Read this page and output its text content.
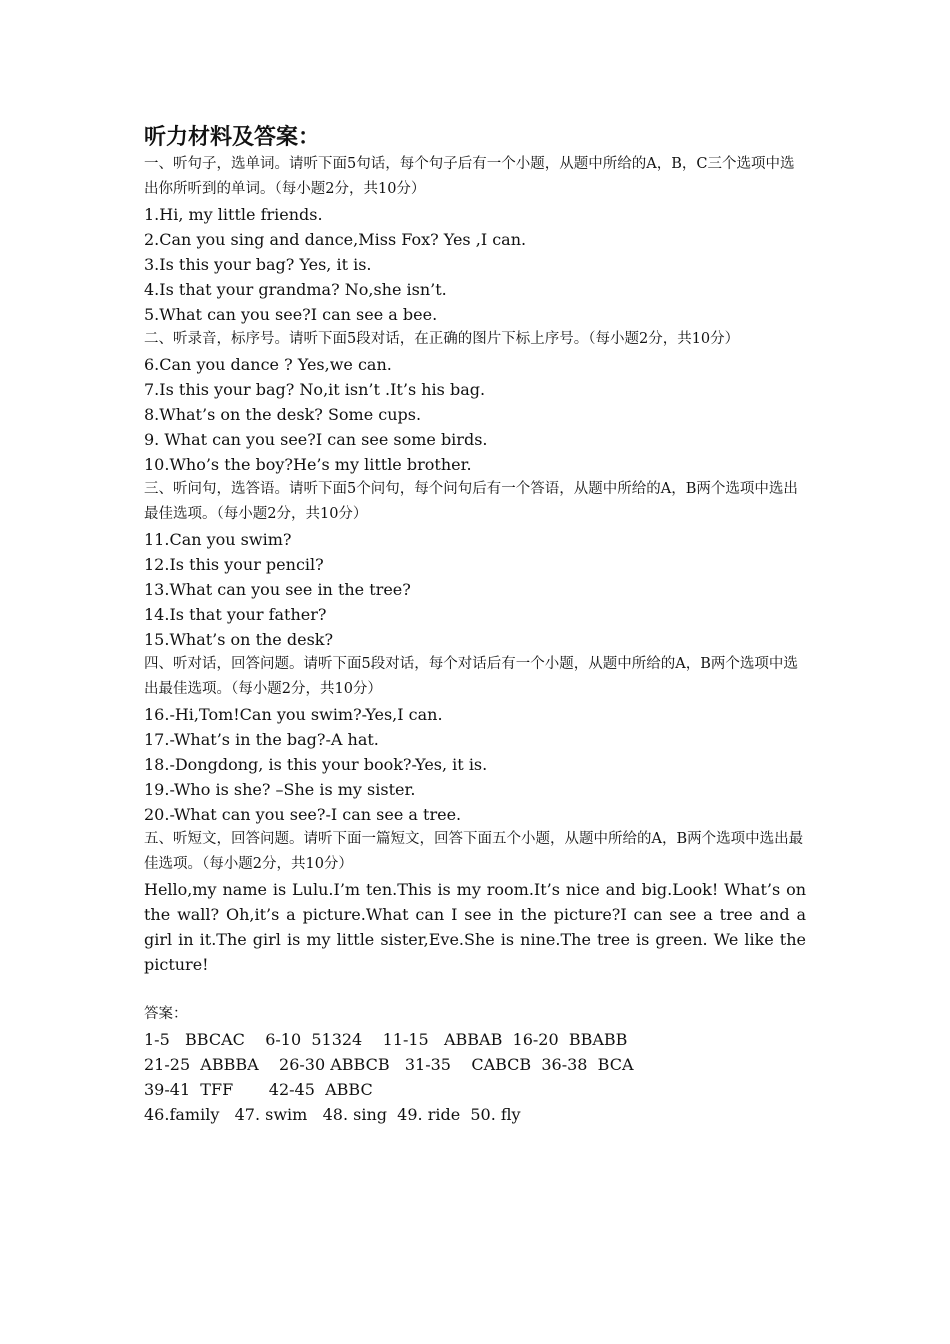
听力材料及答案：

一、听句子，选单词。请听下面5句话，每个句子后有一个小题，从题中所给的A，B，C三个选项中选出你所听到的单词。（每小题2分，共10分）

1.Hi, my little friends.

2.Can you sing and dance,Miss Fox? Yes ,I can.

3.Is this your bag? Yes, it is.

4.Is that your grandma? No,she isn’t.

5.What can you see?I can see a bee.

二、听录音，标序号。请听下面5段对话，在正确的图片下标上序号。（每小题2分，共10分）

6.Can you dance ? Yes,we can.

7.Is this your bag? No,it isn’t .It’s his bag.

8.What’s on the desk? Some cups.

9. What can you see?I can see some birds.

10.Who’s the boy?He’s my little brother.

三、听问句，选答语。请听下面5个问句，每个问句后有一个答语，从题中所给的A，B两个选项中选出最佳选项。（每小题2分，共10分）

11.Can you swim?

12.Is this your pencil?

13.What can you see in the tree?

14.Is that your father?

15.What’s on the desk?

四、听对话，回答问题。请听下面5段对话，每个对话后有一个小题，从题中所给的A，B两个选项中选出最佳选项。（每小题2分，共10分）

16.-Hi,Tom!Can you swim?-Yes,I can.

17.-What’s in the bag?-A hat.

18.-Dongdong, is this your book?-Yes, it is.

19.-Who is she? –She is my sister.

20.-What can you see?-I can see a tree.

五、听短文，回答问题。请听下面一篇短文，回答下面五个小题，从题中所给的A，B两个选项中选出最佳选项。（每小题2分，共10分）

Hello,my name is Lulu.I’m ten.This is my room.It’s nice and big.Look! What’s on the wall? Oh,it’s a picture.What can I see in the picture?I can see a tree and a girl in it.The girl is my little sister,Eve.She is nine.The tree is green. We like the picture!

答案：

1-5   BBCAC    6-10  51324    11-15   ABBAB  16-20  BBABB

21-25  ABBBA    26-30 ABBCB   31-35    CABCB  36-38  BCA

39-41  TFF       42-45  ABBC

46.family   47. swim   48. sing  49. ride  50. fly
